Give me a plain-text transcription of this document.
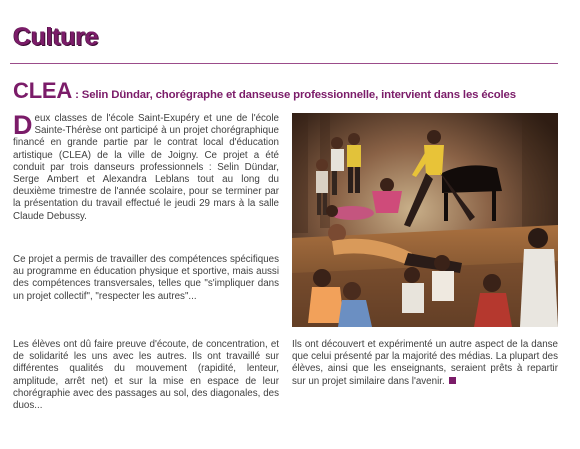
Culture
CLEA : Selin Dündar, chorégraphe et danseuse professionnelle, intervient dans les écoles
Deux classes de l'école Saint-Exupéry et une de l'école Sainte-Thérèse ont participé à un projet chorégraphique financé en grande partie par le contrat local d'éducation artistique (CLEA) de la ville de Joigny. Ce projet a été conduit par trois danseurs professionnels : Selin Dündar, Serge Ambert et Alexandra Leblans tout au long du deuxième trimestre de l'année scolaire, pour se terminer par la présentation du travail effectué le jeudi 29 mars à la salle Claude Debussy.
Ce projet a permis de travailler des compétences spécifiques au programme en éducation physique et sportive, mais aussi des compétences transversales, telles que "s'impliquer dans un projet collectif", "respecter les autres"...
Les élèves ont dû faire preuve d'écoute, de concentration, et de solidarité les uns avec les autres. Ils ont travaillé sur différentes qualités du mouvement (rapidité, lenteur, amplitude, arrêt net) et sur la mise en espace de leur chorégraphie avec des passages au sol, des diagonales, des duos...
Ils ont découvert et expérimenté un autre aspect de la danse que celui présenté par la majorité des médias. La plupart des élèves, ainsi que les enseignants, seraient prêts à repartir sur un projet similaire dans l'avenir.
